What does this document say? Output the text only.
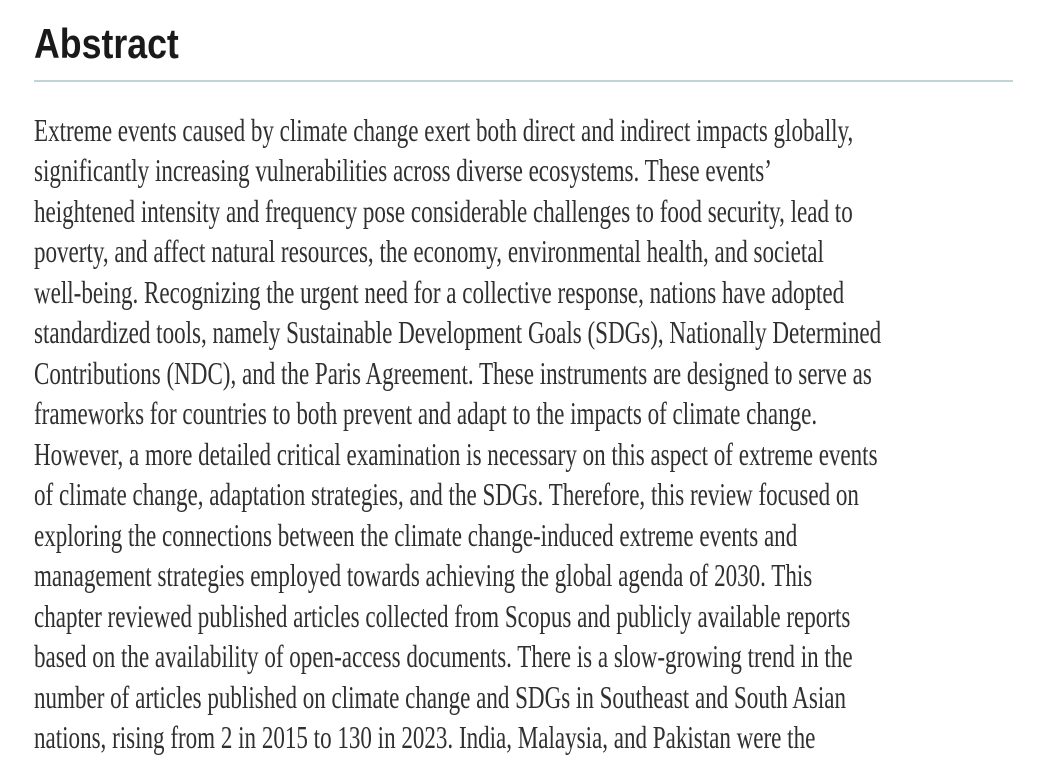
Abstract
Extreme events caused by climate change exert both direct and indirect impacts globally,
significantly increasing vulnerabilities across diverse ecosystems. These events’
heightened intensity and frequency pose considerable challenges to food security, lead to
poverty, and affect natural resources, the economy, environmental health, and societal
well-being. Recognizing the urgent need for a collective response, nations have adopted
standardized tools, namely Sustainable Development Goals (SDGs), Nationally Determined
Contributions (NDC), and the Paris Agreement. These instruments are designed to serve as
frameworks for countries to both prevent and adapt to the impacts of climate change.
However, a more detailed critical examination is necessary on this aspect of extreme events
of climate change, adaptation strategies, and the SDGs. Therefore, this review focused on
exploring the connections between the climate change-induced extreme events and
management strategies employed towards achieving the global agenda of 2030. This
chapter reviewed published articles collected from Scopus and publicly available reports
based on the availability of open-access documents. There is a slow-growing trend in the
number of articles published on climate change and SDGs in Southeast and South Asian
nations, rising from 2 in 2015 to 130 in 2023. India, Malaysia, and Pakistan were the
